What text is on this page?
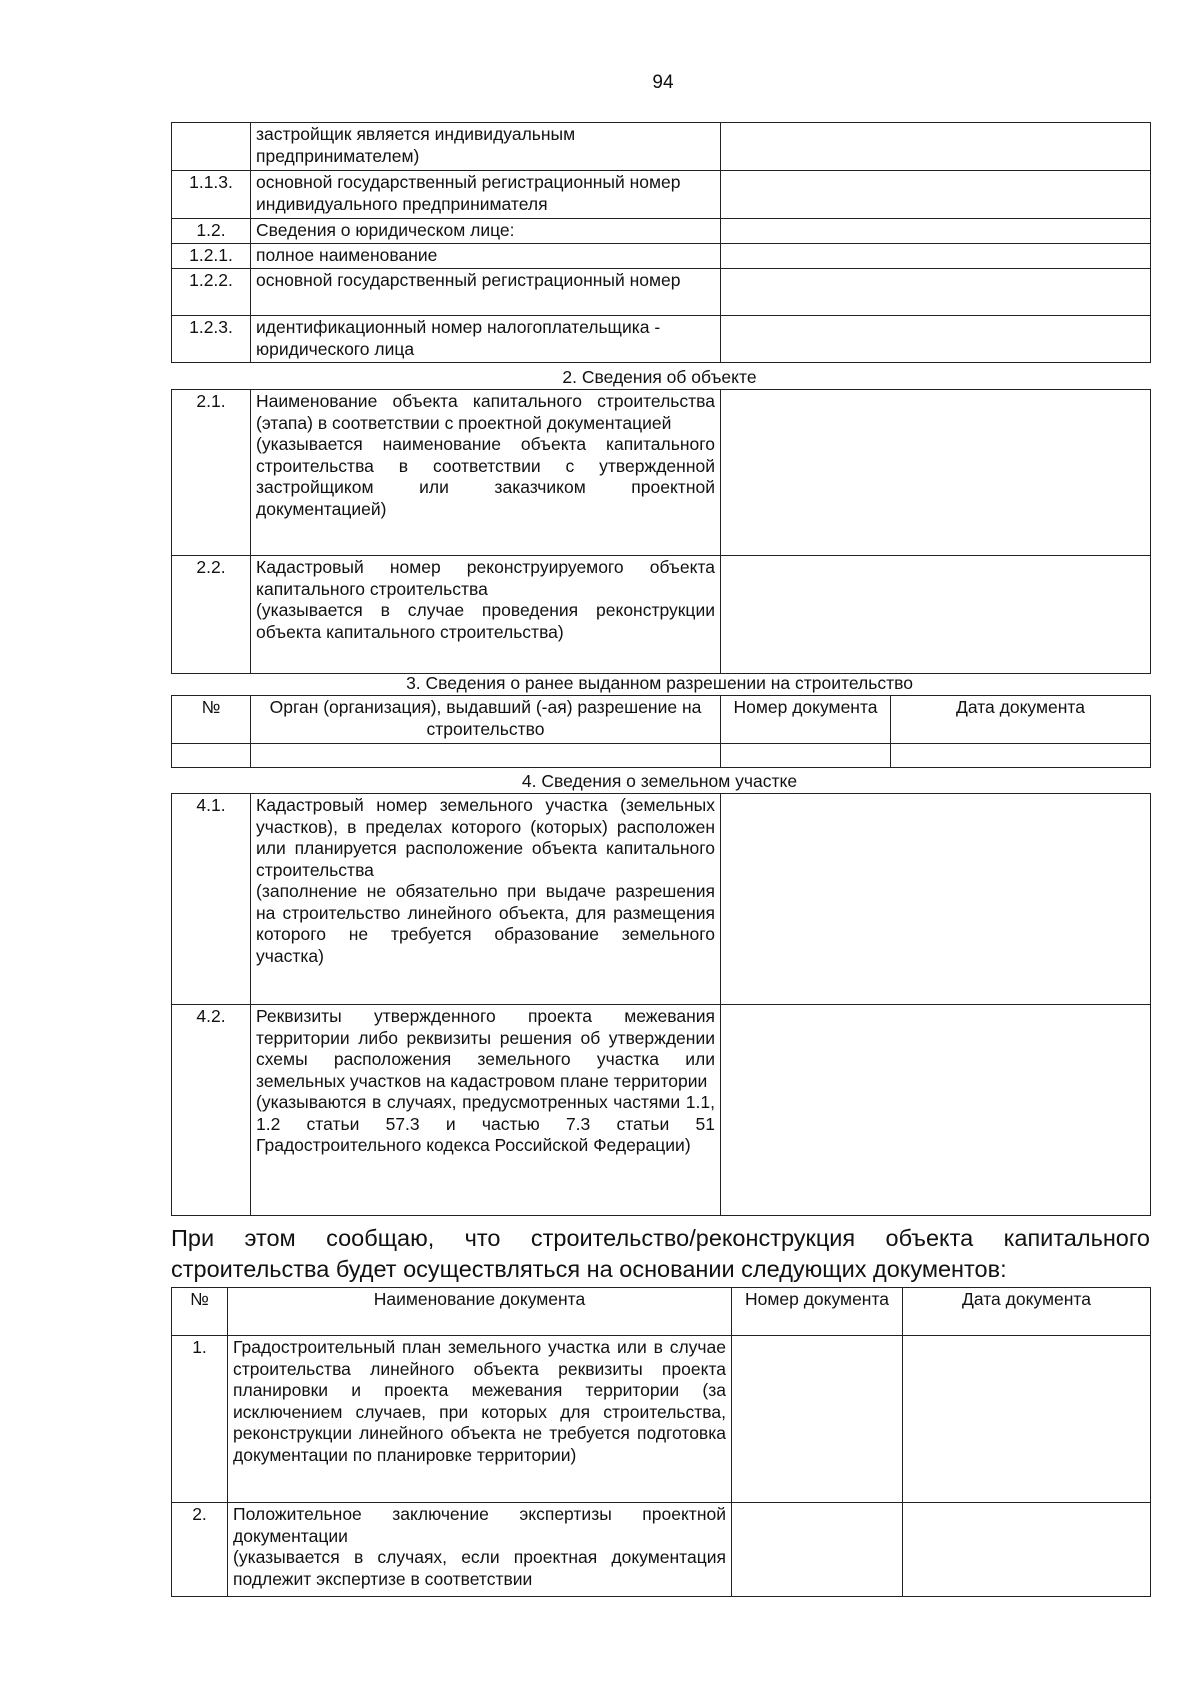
94
	застройщик является индивидуальным предпринимателем)	
1.1.3.	основной государственный регистрационный номер индивидуального предпринимателя	
1.2.	Сведения о юридическом лице:	
1.2.1.	полное наименование	
1.2.2.	основной государственный регистрационный номер	
1.2.3.	идентификационный номер налогоплательщика - юридического лица	
2. Сведения об объекте
2.1.	Наименование объекта капитального строительства (этапа) в соответствии с проектной документацией
(указывается наименование объекта капитального строительства в соответствии с утвержденной застройщиком или заказчиком проектной документацией)	

2.2.	Кадастровый номер реконструируемого объекта капитального строительства
(указывается в случае проведения реконструкции объекта капитального строительства)	

3. Сведения о ранее выданном разрешении на строительство
№	Орган (организация), выдавший (-ая) разрешение на строительство	Номер документа	Дата документа

4. Сведения о земельном участке
4.1.	Кадастровый номер земельного участка (земельных участков), в пределах которого (которых) расположен или планируется расположение объекта капитального строительства
(заполнение не обязательно при выдаче разрешения на строительство линейного объекта, для размещения которого не требуется образование земельного участка)	

4.2.	Реквизиты утвержденного проекта межевания территории либо реквизиты решения об утверждении схемы расположения земельного участка или земельных участков на кадастровом плане территории
(указываются в случаях, предусмотренных частями 1.1, 1.2 статьи 57.3 и частью 7.3 статьи 51 Градостроительного кодекса Российской Федерации)	

При этом сообщаю, что строительство/реконструкция объекта капитального
строительства будет осуществляться на основании следующих документов:
№	Наименование документа	Номер документа	Дата документа
1.	Градостроительный план земельного участка или в случае строительства линейного объекта реквизиты проекта планировки и проекта межевания территории (за исключением случаев, при которых для строительства, реконструкции линейного объекта не требуется подготовка документации по планировке территории)		
2.	Положительное заключение экспертизы проектной документации
(указывается в случаях, если проектная документация подлежит экспертизе в соответствии		
